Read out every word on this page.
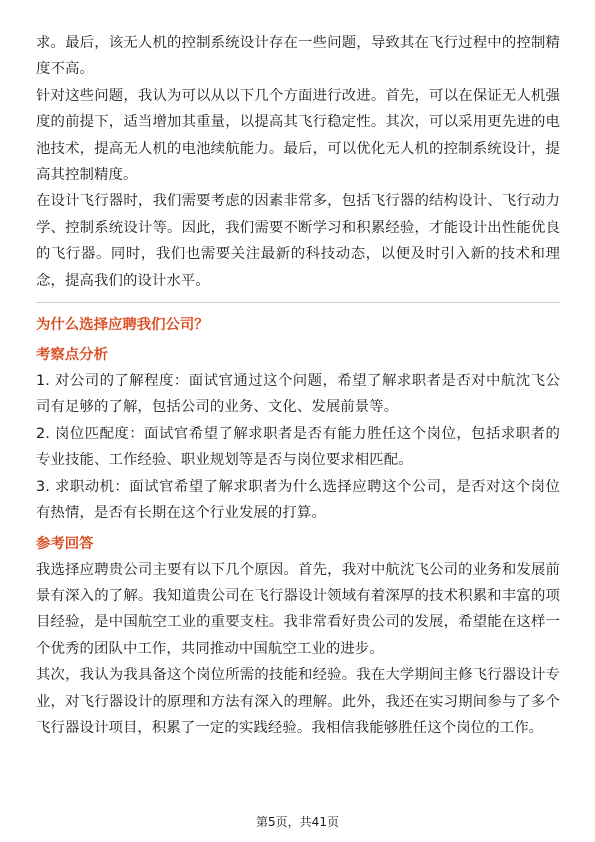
求。最后，该无人机的控制系统设计存在一些问题，导致其在飞行过程中的控制精度不高。

针对这些问题，我认为可以从以下几个方面进行改进。首先，可以在保证无人机强度的前提下，适当增加其重量，以提高其飞行稳定性。其次，可以采用更先进的电池技术，提高无人机的电池续航能力。最后，可以优化无人机的控制系统设计，提高其控制精度。

在设计飞行器时，我们需要考虑的因素非常多，包括飞行器的结构设计、飞行动力学、控制系统设计等。因此，我们需要不断学习和积累经验，才能设计出性能优良的飞行器。同时，我们也需要关注最新的科技动态，以便及时引入新的技术和理念，提高我们的设计水平。

为什么选择应聘我们公司？
考察点分析

1. 对公司的了解程度：面试官通过这个问题，希望了解求职者是否对中航沈飞公司有足够的了解，包括公司的业务、文化、发展前景等。

2. 岗位匹配度：面试官希望了解求职者是否有能力胜任这个岗位，包括求职者的专业技能、工作经验、职业规划等是否与岗位要求相匹配。

3. 求职动机：面试官希望了解求职者为什么选择应聘这个公司，是否对这个岗位有热情，是否有长期在这个行业发展的打算。

参考回答

我选择应聘贵公司主要有以下几个原因。首先，我对中航沈飞公司的业务和发展前景有深入的了解。我知道贵公司在飞行器设计领域有着深厚的技术积累和丰富的项目经验，是中国航空工业的重要支柱。我非常看好贵公司的发展，希望能在这样一个优秀的团队中工作，共同推动中国航空工业的进步。

其次，我认为我具备这个岗位所需的技能和经验。我在大学期间主修飞行器设计专业，对飞行器设计的原理和方法有深入的理解。此外，我还在实习期间参与了多个飞行器设计项目，积累了一定的实践经验。我相信我能够胜任这个岗位的工作。

第5页，共41页
